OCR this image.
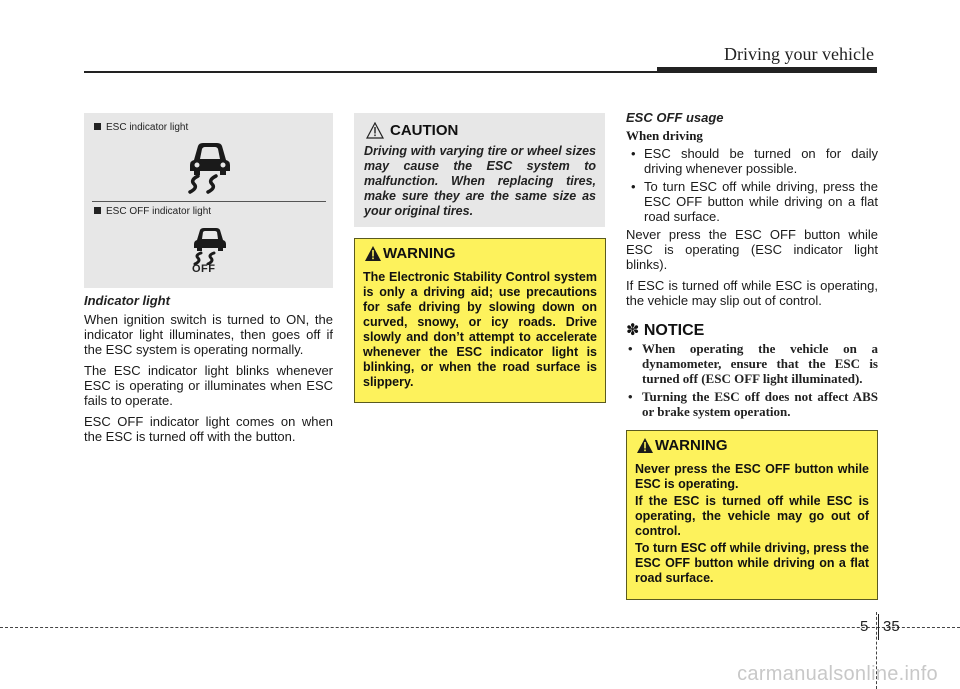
Driving your vehicle
ESC indicator light
ESC OFF indicator light
OFF
Indicator light

When ignition switch is turned to ON, the indicator light illuminates, then goes off if the ESC system is operating normally.

The ESC indicator light blinks whenever ESC is operating or illuminates when ESC fails to operate.

ESC OFF indicator light comes on when the ESC is turned off with the button.

CAUTION
Driving with varying tire or wheel sizes may cause the ESC system to malfunction. When replacing tires, make sure they are the same size as your original tires.
WARNING

The Electronic Stability Control system is only a driving aid; use precautions for safe driving by slowing down on curved, snowy, or icy roads. Drive slowly and don’t attempt to accelerate whenever the ESC indicator light is blinking, or when the road surface is slippery.

ESC OFF usage
When driving
• ESC should be turned on for daily driving whenever possible.
• To turn ESC off while driving, press the ESC OFF button while driving on a flat road surface.

Never press the ESC OFF button while ESC is operating (ESC indicator light blinks).

If ESC is turned off while ESC is operating, the vehicle may slip out of control.

✽ NOTICE
• When operating the vehicle on a dynamometer, ensure that the ESC is turned off (ESC OFF light illuminated).
• Turning the ESC off does not affect ABS or brake system operation.
WARNING

Never press the ESC OFF button while ESC is operating.

If the ESC is turned off while ESC is operating, the vehicle may go out of control.

To turn ESC off while driving, press the ESC OFF button while driving on a flat road surface.

5 35
carmanualsonline.info
